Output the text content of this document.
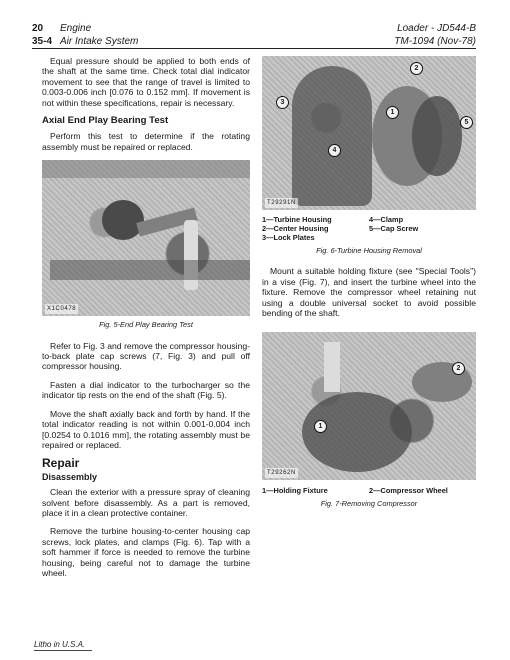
20 Engine
35-4 Air Intake System
Loader - JD544-B
TM-1094 (Nov-78)

Equal pressure should be applied to both ends of the shaft at the same time. Check total dial indicator movement to see that the range of travel is limited to 0.003-0.006 inch [0.076 to 0.152 mm]. If movement is not within these specifications, repair is necessary.

Axial End Play Bearing Test

Perform this test to determine if the rotating assembly must be repaired or replaced.

X1C0478
Fig. 5-End Play Bearing Test

Refer to Fig. 3 and remove the compressor housing-to-back plate cap screws (7, Fig. 3) and pull off compressor housing.

Fasten a dial indicator to the turbocharger so the indicator tip rests on the end of the shaft (Fig. 5).

Move the shaft axially back and forth by hand. If the total indicator reading is not within 0.001-0.004 inch [0.0254 to 0.1016 mm], the rotating assembly must be repaired or replaced.

Repair
Disassembly

Clean the exterior with a pressure spray of cleaning solvent before disassembly. As a part is removed, place it in a clean protective container.

Remove the turbine housing-to-center housing cap screws, lock plates, and clamps (Fig. 6). Tap with a soft hammer if force is needed to remove the turbine housing, being careful not to damage the turbine wheel.

2
3
5
1
4
T29291N
1—Turbine Housing	4—Clamp
2—Center Housing	5—Cap Screw
3—Lock Plates
Fig. 6-Turbine Housing Removal

Mount a suitable holding fixture (see "Special Tools") in a vise (Fig. 7), and insert the turbine wheel into the fixture. Remove the compressor wheel retaining nut using a double universal socket to avoid possible bending of the shaft.

2
1
T29262N
1—Holding Fixture	2—Compressor Wheel
Fig. 7-Removing Compressor
Litho in U.S.A.
